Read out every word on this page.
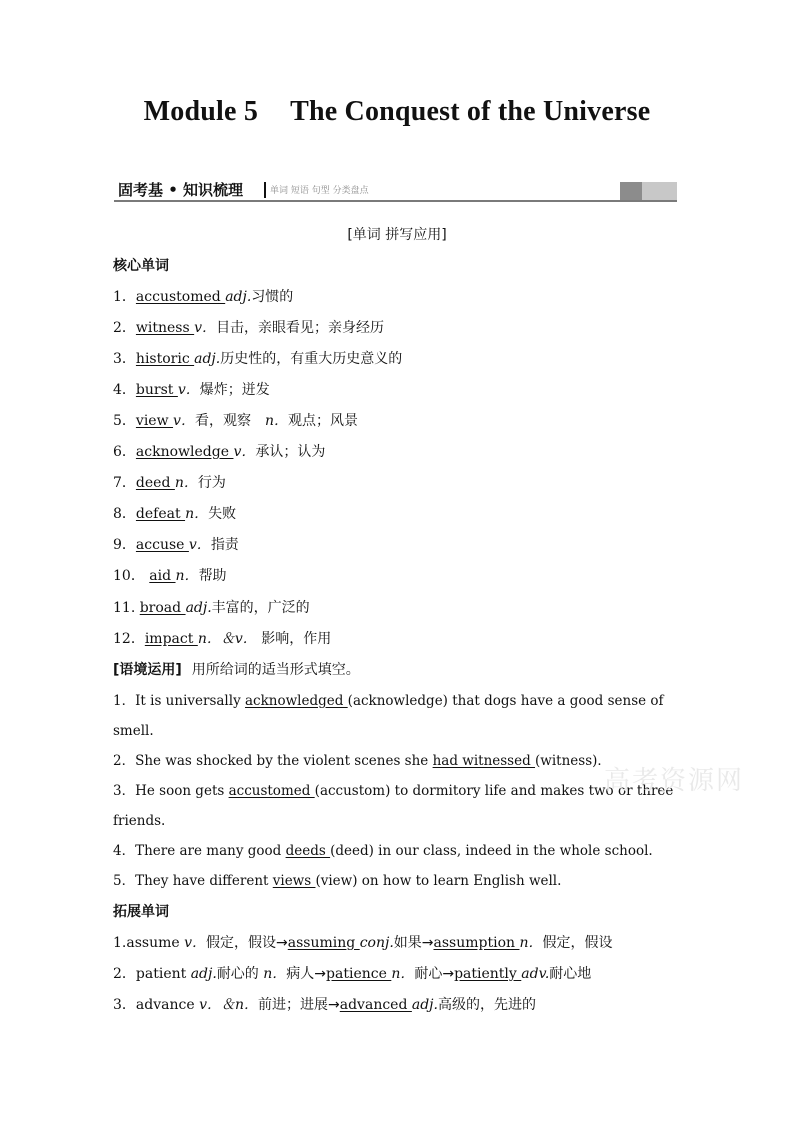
Module 5 The Conquest of the Universe
固考基 • 知识梳理	单词 短语 句型 分类盘点
[单词 拼写应用]
核心单词
1．accustomed adj.习惯的
2．witness v．目击，亲眼看见；亲身经历
3．historic adj.历史性的，有重大历史意义的
4．burst v．爆炸；迸发
5．view v．看，观察 n．观点；风景
6．acknowledge v．承认；认为
7．deed n．行为
8．defeat n．失败
9．accuse v．指责
10． aid n．帮助
11. broad adj.丰富的，广泛的
12．impact n．＆v． 影响，作用
[语境运用] 用所给词的适当形式填空。
1．It is universally acknowledged (acknowledge) that dogs have a good sense of
smell.
2．She was shocked by the violent scenes she had witnessed (witness)．
3．He soon gets accustomed (accustom) to dormitory life and makes two or three
friends.
4．There are many good deeds (deed) in our class, indeed in the whole school.
5．They have different views (view) on how to learn English well.
拓展单词
1.assume v．假定，假设→assuming conj.如果→assumption n．假定，假设
2．patient adj.耐心的 n．病人→patience n．耐心→patiently adv.耐心地
3．advance v．＆n．前进；进展→advanced adj.高级的，先进的
高考资源网
